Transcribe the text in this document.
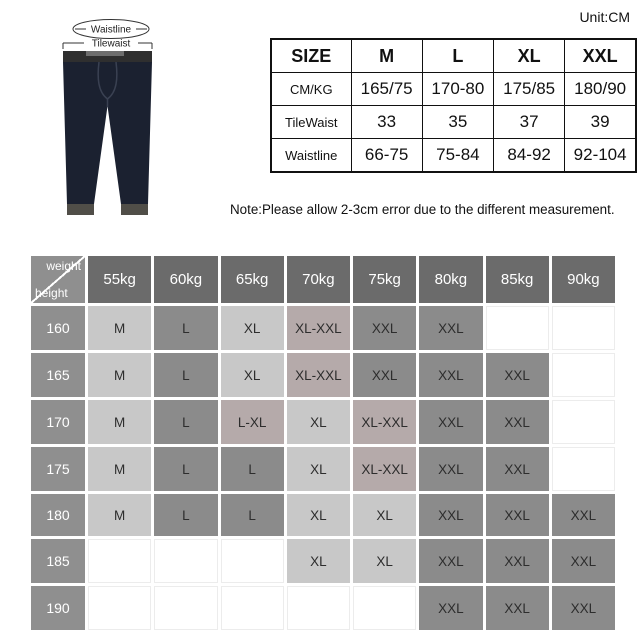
Waistline
Tilewaist
Unit:CM
SIZE	M	L	XL	XXL
CM/KG	165/75	170-80	175/85	180/90
TileWaist	33	35	37	39
Waistline	66-75	75-84	84-92	92-104
Note:Please allow 2-3cm error due to the different measurement.
weight
height	55kg	60kg	65kg	70kg	75kg	80kg	85kg	90kg
160	M	L	XL	XL-XXL	XXL	XXL		
165	M	L	XL	XL-XXL	XXL	XXL	XXL	
170	M	L	L-XL	XL	XL-XXL	XXL	XXL	
175	M	L	L	XL	XL-XXL	XXL	XXL	
180	M	L	L	XL	XL	XXL	XXL	XXL
185				XL	XL	XXL	XXL	XXL
190						XXL	XXL	XXL
